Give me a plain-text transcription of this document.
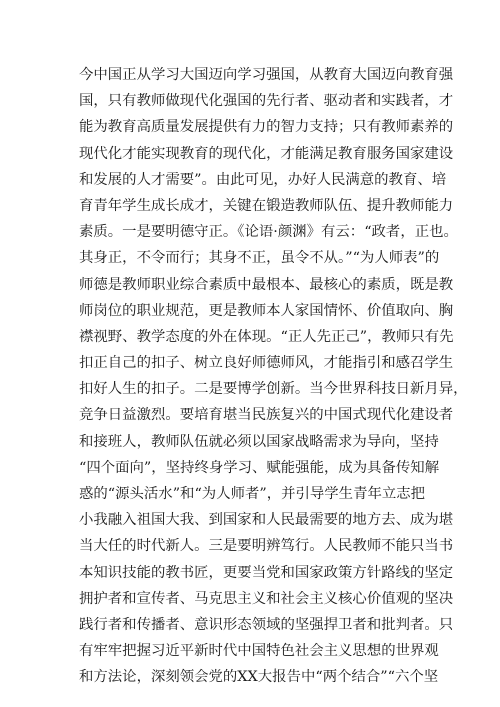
今中国正从学习大国迈向学习强国，从教育大国迈向教育强
国，只有教师做现代化强国的先行者、驱动者和实践者，才
能为教育高质量发展提供有力的智力支持；只有教师素养的
现代化才能实现教育的现代化，才能满足教育服务国家建设
和发展的人才需要”。由此可见，办好人民满意的教育、培
育青年学生成长成才，关键在锻造教师队伍、提升教师能力
素质。一是要明德守正。《论语·颜渊》有云：“政者，正也。
其身正，不令而行；其身不正，虽令不从。”“为人师表”的
师德是教师职业综合素质中最根本、最核心的素质，既是教
师岗位的职业规范，更是教师本人家国情怀、价值取向、胸
襟视野、教学态度的外在体现。“正人先正己”，教师只有先
扣正自己的扣子、树立良好师德师风，才能指引和感召学生
扣好人生的扣子。二是要博学创新。当今世界科技日新月异，
竞争日益激烈。要培育堪当民族复兴的中国式现代化建设者
和接班人，教师队伍就必须以国家战略需求为导向，坚持
“四个面向”，坚持终身学习、赋能强能，成为具备传知解
惑的“源头活水”和“为人师者”，并引导学生青年立志把
小我融入祖国大我、到国家和人民最需要的地方去、成为堪
当大任的时代新人。三是要明辨笃行。人民教师不能只当书
本知识技能的教书匠，更要当党和国家政策方针路线的坚定
拥护者和宣传者、马克思主义和社会主义核心价值观的坚决
践行者和传播者、意识形态领域的坚强捍卫者和批判者。只
有牢牢把握习近平新时代中国特色社会主义思想的世界观
和方法论，深刻领会党的XX大报告中“两个结合”“六个坚
